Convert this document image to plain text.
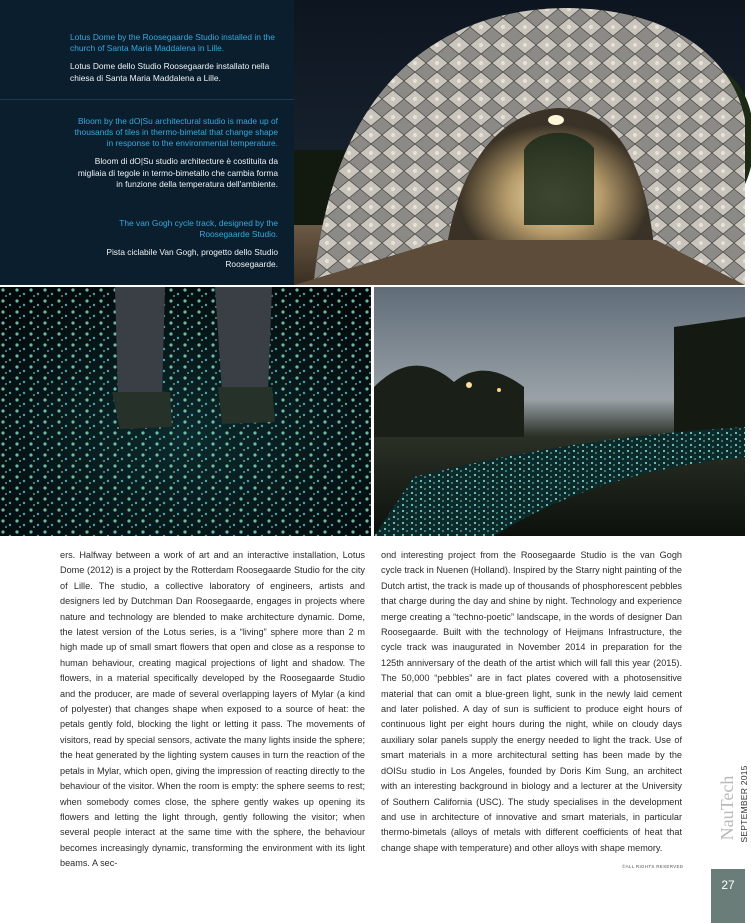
Lotus Dome by the Roosegaarde Studio installed in the church of Santa Maria Maddalena in Lille.

Lotus Dome dello Studio Roosegaarde installato nella chiesa di Santa Maria Maddalena a Lille.

Bloom by the dO|Su architectural studio is made up of thousands of tiles in thermo-bimetal that change shape in response to the environmental temperature.

Bloom di dO|Su studio architecture è costituita da migliaia di tegole in termo-bimetallo che cambia forma in funzione della temperatura dell'ambiente.

The van Gogh cycle track, designed by the Roosegaarde Studio.

Pista ciclabile Van Gogh, progetto dello Studio Roosegaarde.

ers. Halfway between a work of art and an interactive installation, Lotus Dome (2012) is a project by the Rotterdam Roosegaarde Studio for the city of Lille. The studio, a collective laboratory of engineers, artists and designers led by Dutchman Dan Roosegaarde, engages in projects where nature and technology are blended to make architecture dynamic. Dome, the latest version of the Lotus series, is a “living” sphere more than 2 m high made up of small smart flowers that open and close as a response to human behaviour, creating magical projections of light and shadow. The flowers, in a material specifically developed by the Roosegaarde Studio and the producer, are made of several overlapping layers of Mylar (a kind of polyester) that changes shape when exposed to a source of heat: the petals gently fold, blocking the light or letting it pass. The movements of visitors, read by special sensors, activate the many lights inside the sphere; the heat generated by the lighting system causes in turn the reaction of the petals in Mylar, which open, giving the impression of reacting directly to the behaviour of the visitor. When the room is empty: the sphere seems to rest; when somebody comes close, the sphere gently wakes up opening its flowers and letting the light through, gently following the visitor; when several people interact at the same time with the sphere, the behaviour becomes increasingly dynamic, transforming the environment with its light beams. A sec-

ond interesting project from the Roosegaarde Studio is the van Gogh cycle track in Nuenen (Holland). Inspired by the Starry night painting of the Dutch artist, the track is made up of thousands of phosphorescent pebbles that charge during the day and shine by night. Technology and experience merge creating a “techno-poetic” landscape, in the words of designer Dan Roosegaarde. Built with the technology of Heijmans Infrastructure, the cycle track was inaugurated in November 2014 in preparation for the 125th anniversary of the death of the artist which will fall this year (2015). The 50,000 “pebbles” are in fact plates covered with a photosensitive material that can omit a blue-green light, sunk in the newly laid cement and later polished. A day of sun is sufficient to produce eight hours of continuous light per eight hours during the night, while on cloudy days auxiliary solar panels supply the energy needed to light the track. Use of smart materials in a more architectural setting has been made by the dOISu studio in Los Angeles, founded by Doris Kim Sung, an architect with an interesting background in biology and a lecturer at the University of Southern California (USC). The study specialises in the development and use in architecture of innovative and smart materials, in particular thermo-bimetals (alloys of metals with different coefficients of heat that change shape with temperature) and other alloys with shape memory.

©ALL RIGHTS RESERVED
NauTech SEPTEMBER 2015
27
